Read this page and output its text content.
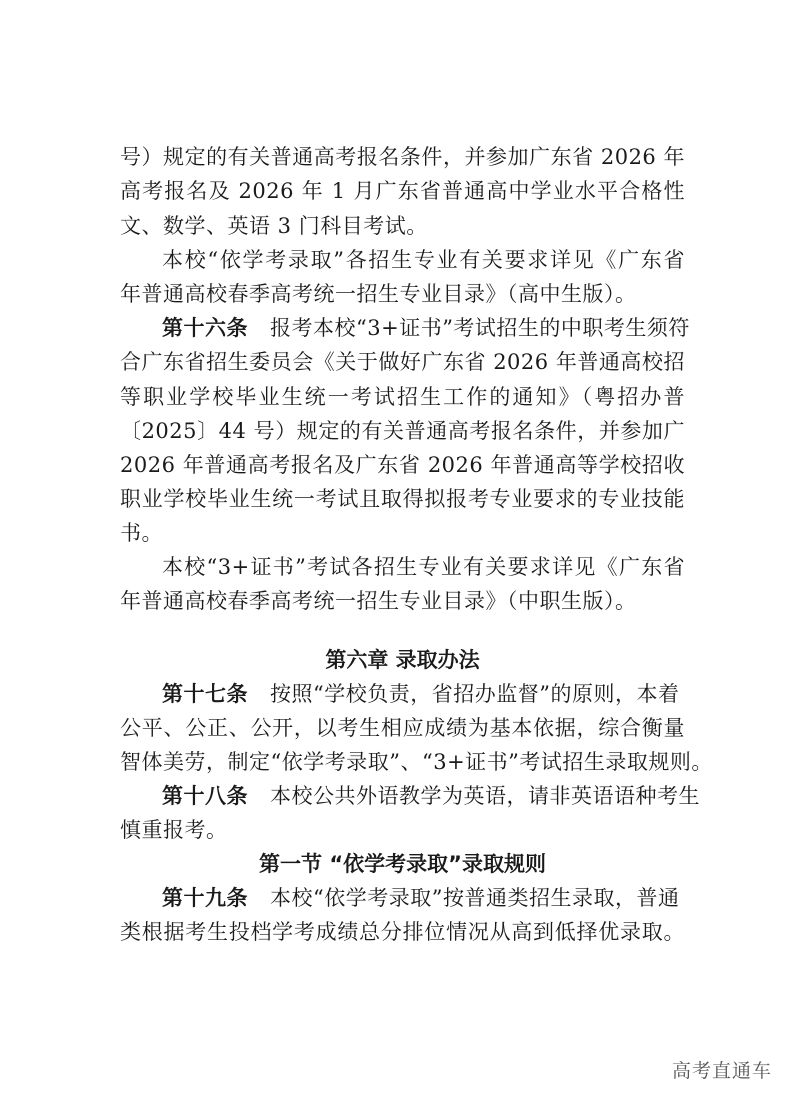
号）规定的有关普通高考报名条件，并参加广东省 2026 年
高考报名及 2026 年 1 月广东省普通高中学业水平合格性
文、数学、英语 3 门科目考试。
本校“依学考录取”各招生专业有关要求详见《广东省
年普通高校春季高考统一招生专业目录》（高中生版）。
第十六条 报考本校“3+证书”考试招生的中职考生须符
合广东省招生委员会《关于做好广东省 2026 年普通高校招
等职业学校毕业生统一考试招生工作的通知》（粤招办普
〔2025〕44 号）规定的有关普通高考报名条件，并参加广
2026 年普通高考报名及广东省 2026 年普通高等学校招收
职业学校毕业生统一考试且取得拟报考专业要求的专业技能
书。
本校“3+证书”考试各招生专业有关要求详见《广东省
年普通高校春季高考统一招生专业目录》（中职生版）。
第六章 录取办法
第十七条 按照“学校负责，省招办监督”的原则，本着
公平、公正、公开，以考生相应成绩为基本依据，综合衡量
智体美劳，制定“依学考录取”、“3+证书”考试招生录取规则。
第十八条 本校公共外语教学为英语，请非英语语种考生
慎重报考。
第一节 “依学考录取”录取规则
第十九条 本校“依学考录取”按普通类招生录取，普通
类根据考生投档学考成绩总分排位情况从高到低择优录取。
高考直通车
